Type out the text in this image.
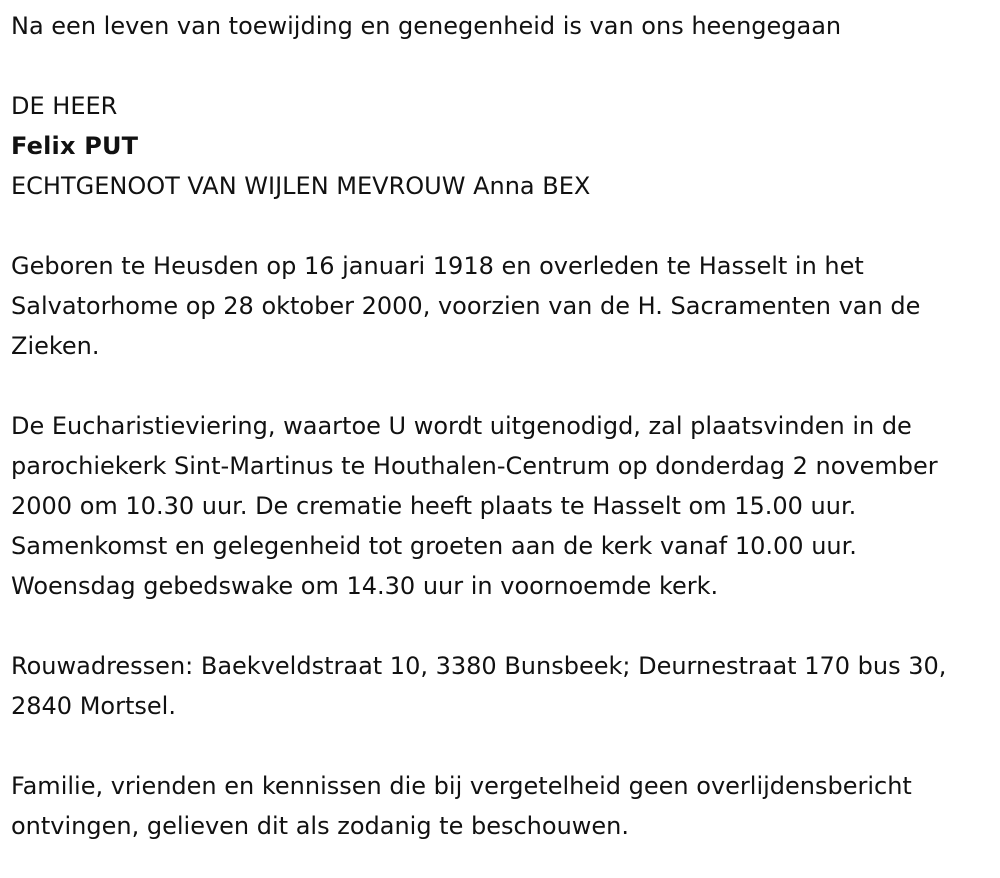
Na een leven van toewijding en genegenheid is van ons heengegaan

DE HEER

Felix PUT

ECHTGENOOT VAN WIJLEN MEVROUW Anna BEX

Geboren te Heusden op 16 januari 1918 en overleden te Hasselt in het Salvatorhome op 28 oktober 2000, voorzien van de H. Sacramenten van de Zieken.

De Eucharistieviering, waartoe U wordt uitgenodigd, zal plaatsvinden in de parochiekerk Sint-Martinus te Houthalen-Centrum op donderdag 2 november 2000 om 10.30 uur. De crematie heeft plaats te Hasselt om 15.00 uur. Samenkomst en gelegenheid tot groeten aan de kerk vanaf 10.00 uur. Woensdag gebedswake om 14.30 uur in voornoemde kerk.

Rouwadressen: Baekveldstraat 10, 3380 Bunsbeek; Deurnestraat 170 bus 30, 2840 Mortsel.

Familie, vrienden en kennissen die bij vergetelheid geen overlijdensbericht ontvingen, gelieven dit als zodanig te beschouwen.
